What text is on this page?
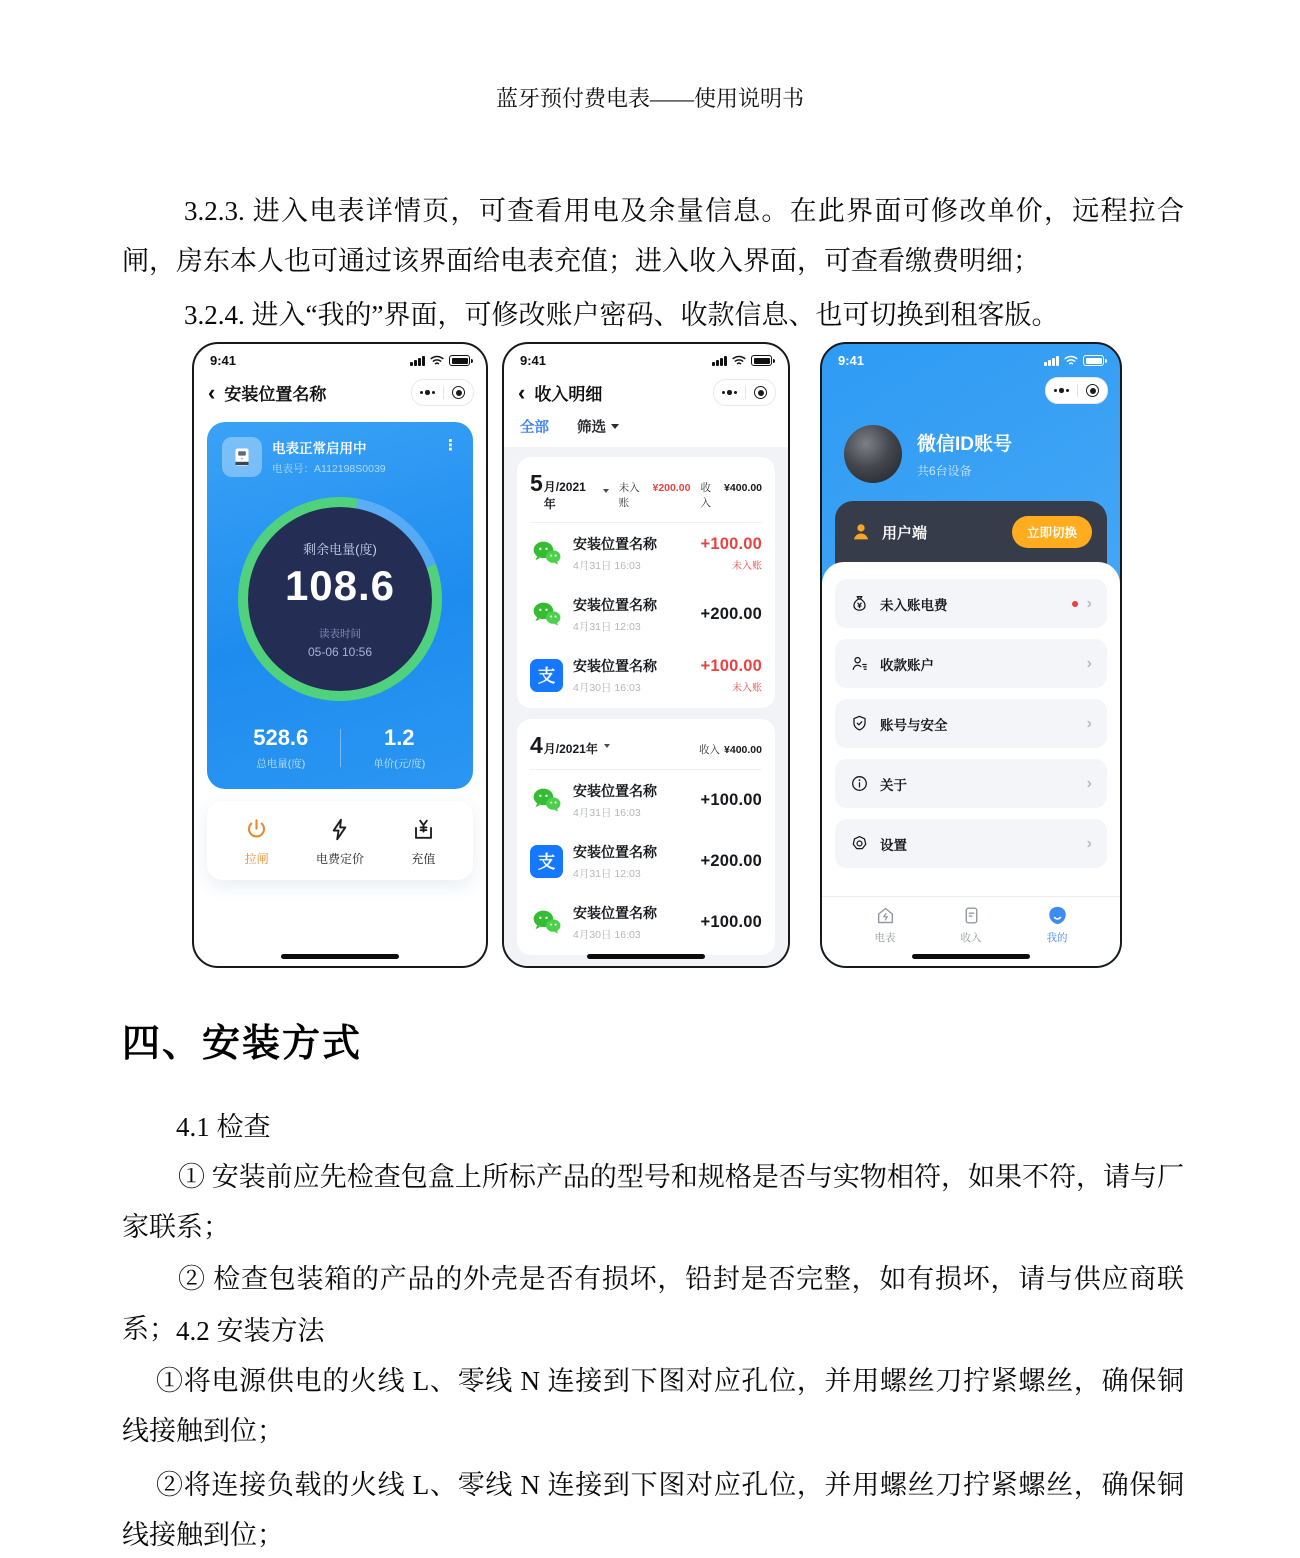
蓝牙预付费电表——使用说明书
3.2.3. 进入电表详情页，可查看用电及余量信息。在此界面可修改单价，远程拉合闸，房东本人也可通过该界面给电表充值；进入收入界面，可查看缴费明细；
3.2.4. 进入“我的”界面，可修改账户密码、收款信息、也可切换到租客版。
四、安装方式
4.1 检查
① 安装前应先检查包盒上所标产品的型号和规格是否与实物相符，如果不符，请与厂家联系；
② 检查包装箱的产品的外壳是否有损坏，铅封是否完整，如有损坏，请与供应商联系； 4.2 安装方法
①将电源供电的火线 L、零线 N 连接到下图对应孔位，并用螺丝刀拧紧螺丝，确保铜线接触到位；
②将连接负载的火线 L、零线 N 连接到下图对应孔位，并用螺丝刀拧紧螺丝，确保铜线接触到位；
9:41
‹ 安装位置名称
电表正常启用中
电表号：A112198S0039
⋮
剩余电量(度)
108.6
读表时间
05-06 10:56
528.6
总电量(度)
1.2
单价(元/度)
拉闸	电费定价	充值
9:41
‹ 收入明细
全部 筛选
5 月/2021年
未入账
¥200.00 收入
¥400.00
安装位置名称
4月31日 16:03
+100.00
未入账
安装位置名称
4月31日 12:03
+200.00
支
安装位置名称
4月30日 16:03
+100.00
未入账
4 月/2021年	收入 ¥400.00
安装位置名称
4月31日 16:03
+100.00
支
安装位置名称
4月31日 12:03
+200.00
安装位置名称
4月30日 16:03
+100.00
9:41
微信ID账号
共6台设备
用户端	立即切换
未入账电费	›
收款账户	›
账号与安全	›
关于	›
设置	›
电表	收入	我的
